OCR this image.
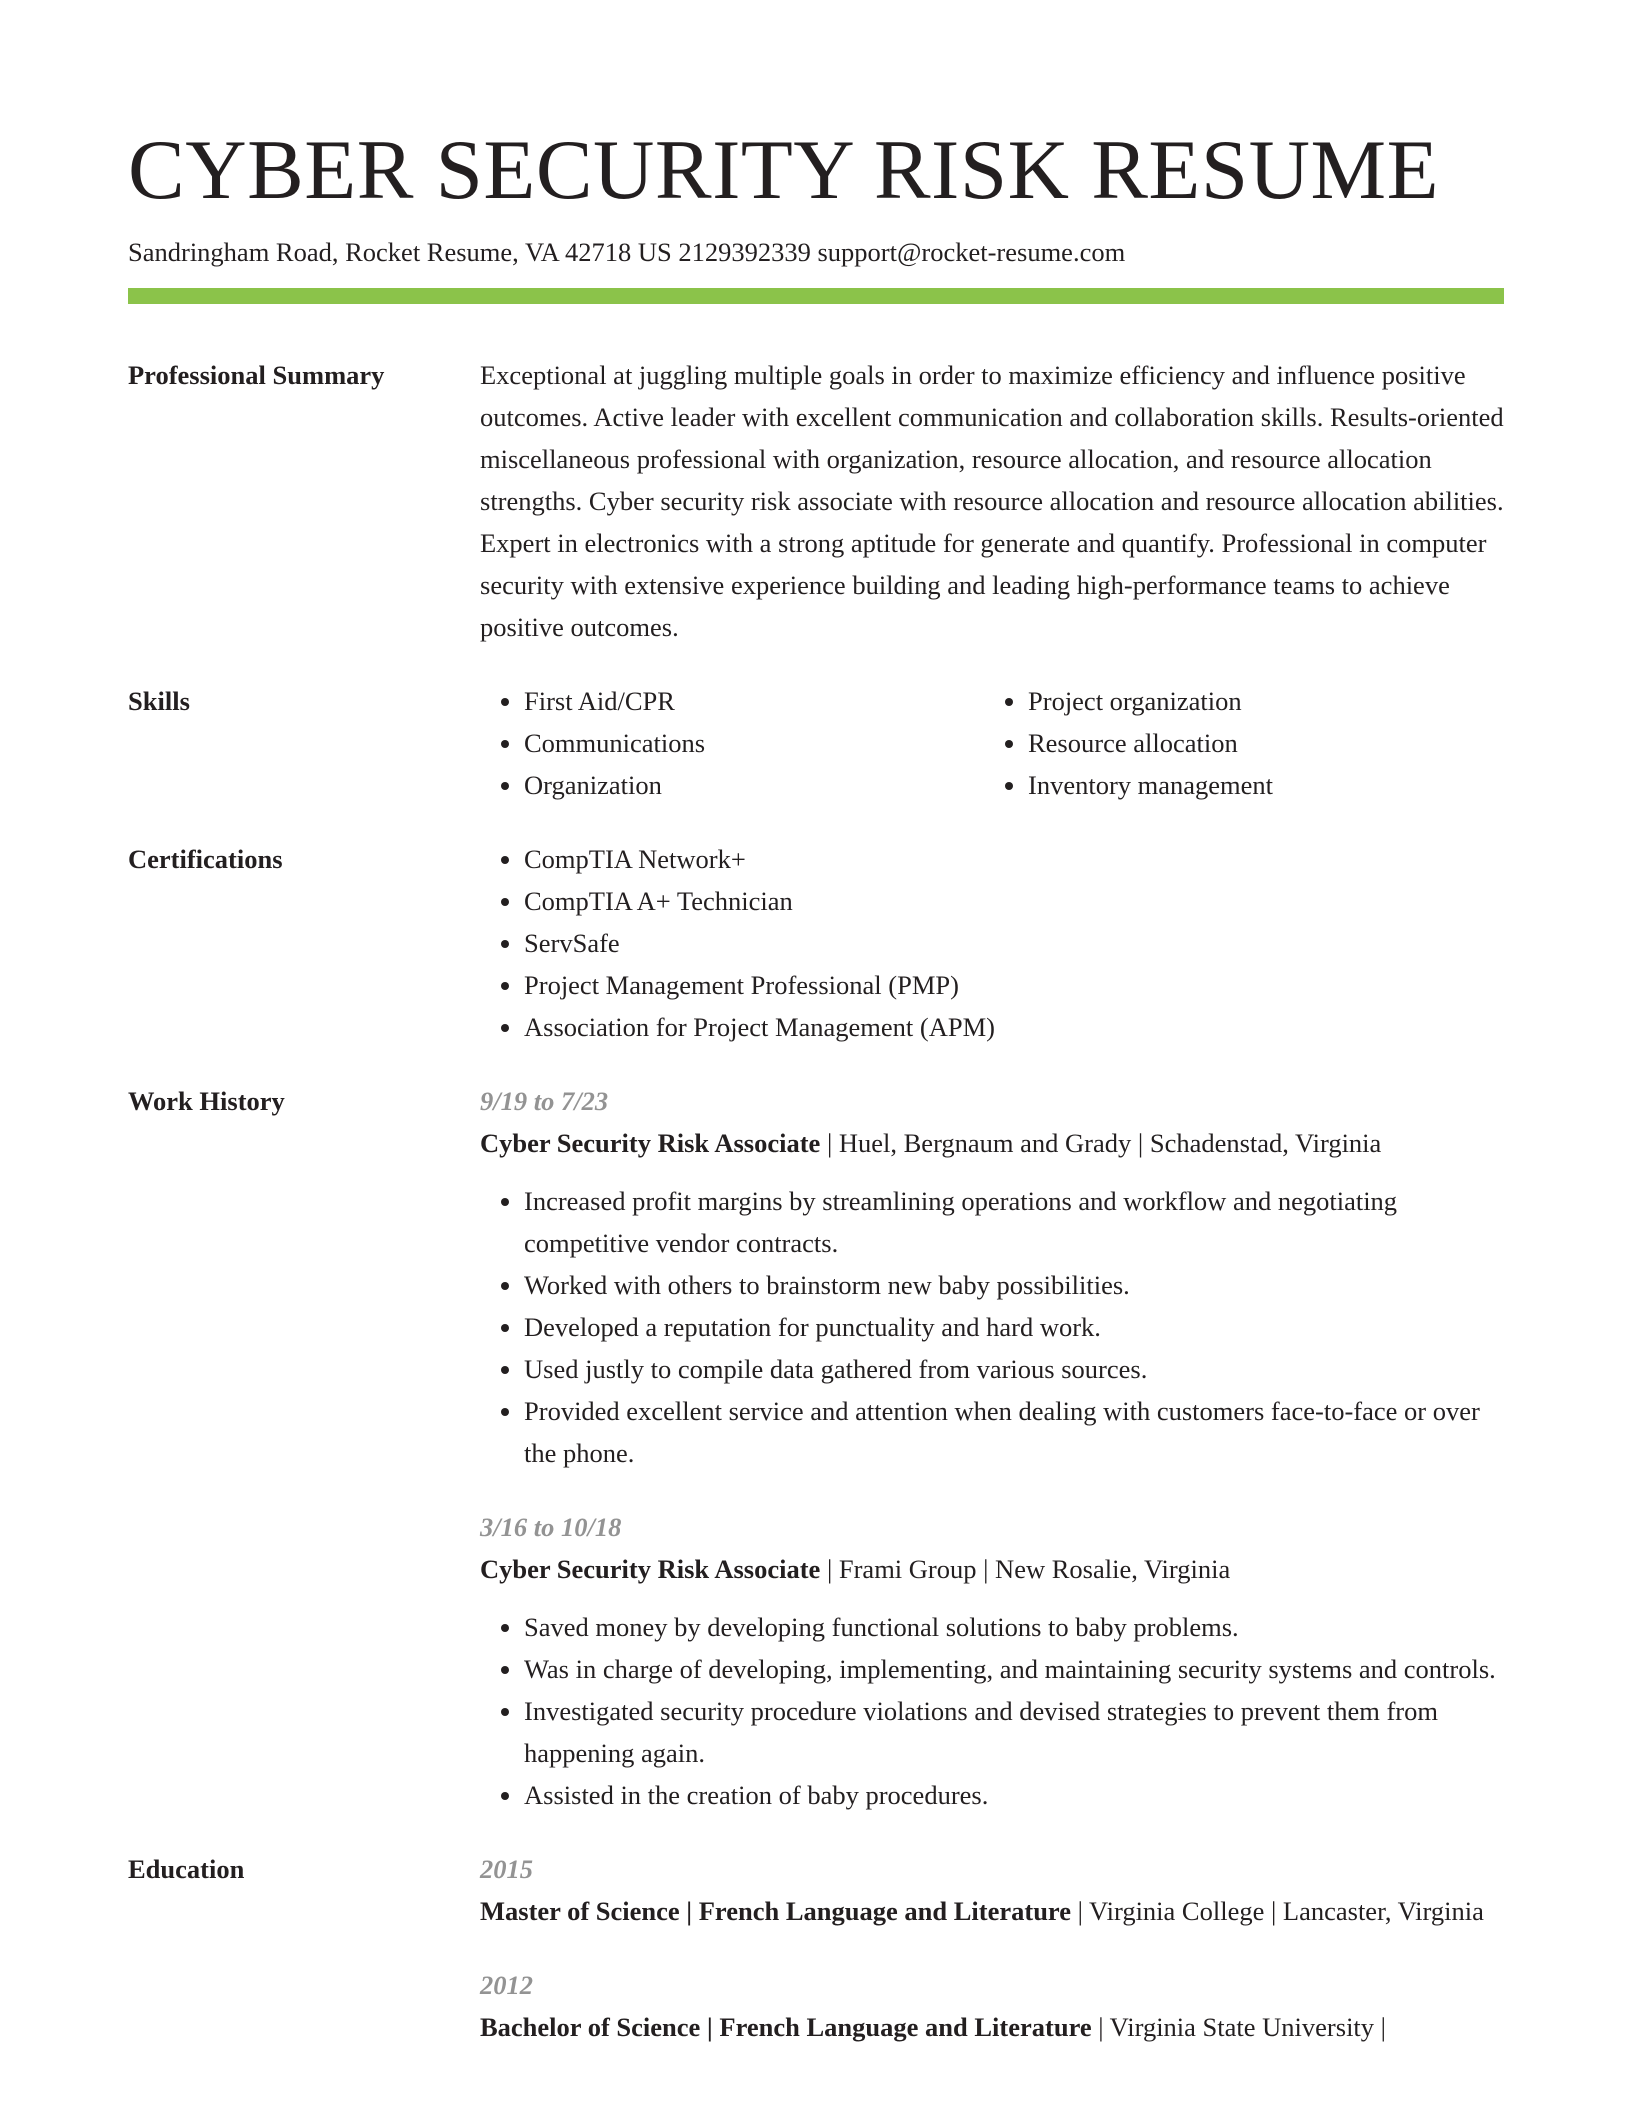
CYBER SECURITY RISK RESUME
Sandringham Road, Rocket Resume, VA 42718 US 2129392339 support@rocket-resume.com
Professional Summary	Exceptional at juggling multiple goals in order to maximize efficiency and influence positive outcomes. Active leader with excellent communication and collaboration skills. Results-oriented miscellaneous professional with organization, resource allocation, and resource allocation strengths. Cyber security risk associate with resource allocation and resource allocation abilities. Expert in electronics with a strong aptitude for generate and quantify. Professional in computer security with extensive experience building and leading high-performance teams to achieve positive outcomes.

Skills	• First Aid/CPR
• Communications
• Organization
• Project organization
• Resource allocation
• Inventory management
Certifications	• CompTIA Network+
• CompTIA A+ Technician
• ServSafe
• Project Management Professional (PMP)
• Association for Project Management (APM)
Work History	9/19 to 7/23
Cyber Security Risk Associate | Huel, Bergnaum and Grady | Schadenstad, Virginia
• Increased profit margins by streamlining operations and workflow and negotiating competitive vendor contracts.
• Worked with others to brainstorm new baby possibilities.
• Developed a reputation for punctuality and hard work.
• Used justly to compile data gathered from various sources.
• Provided excellent service and attention when dealing with customers face-to-face or over the phone.
3/16 to 10/18
Cyber Security Risk Associate | Frami Group | New Rosalie, Virginia
• Saved money by developing functional solutions to baby problems.
• Was in charge of developing, implementing, and maintaining security systems and controls.
• Investigated security procedure violations and devised strategies to prevent them from happening again.
• Assisted in the creation of baby procedures.
Education	2015
Master of Science | French Language and Literature | Virginia College | Lancaster, Virginia
2012
Bachelor of Science | French Language and Literature | Virginia State University |
